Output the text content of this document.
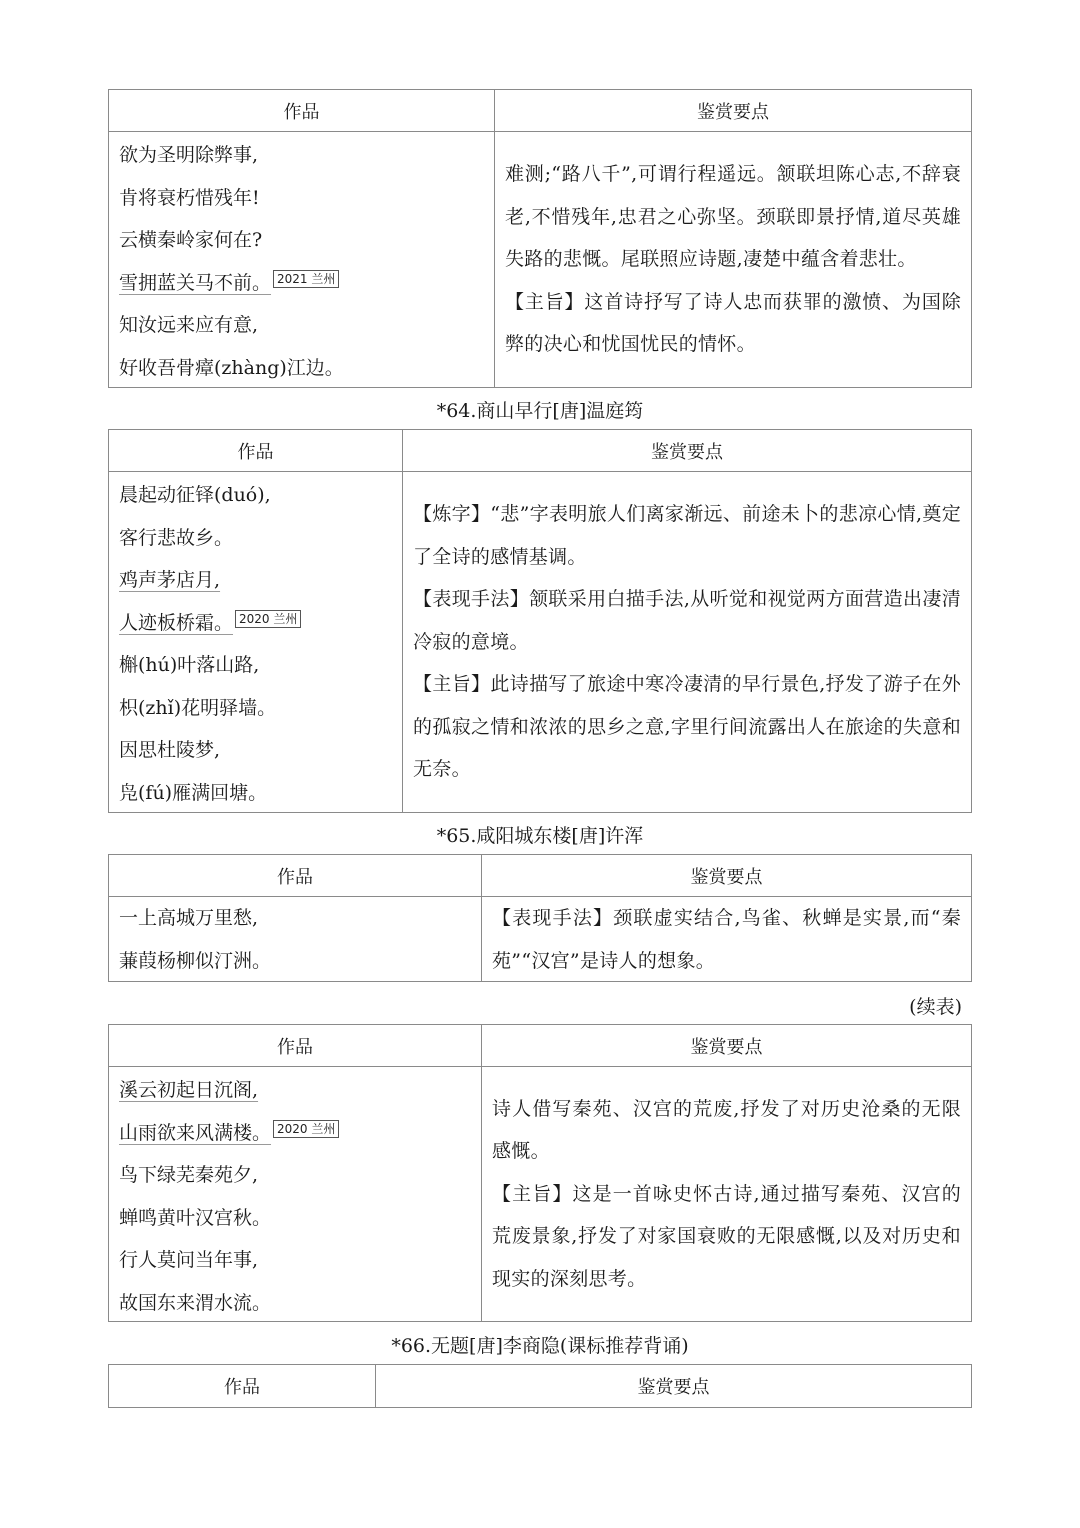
作品	鉴赏要点
欲为圣明除弊事,
肯将衰朽惜残年!
云横秦岭家何在?
雪拥蓝关马不前。 2021 兰州
知汝远来应有意,
好收吾骨瘴(zhàng)江边。
难测;“路八千”,可谓行程遥远。颔联坦陈心志,不辞衰老,不惜残年,忠君之心弥坚。颈联即景抒情,道尽英雄失路的悲慨。尾联照应诗题,凄楚中蕴含着悲壮。
【主旨】这首诗抒写了诗人忠而获罪的激愤、为国除弊的决心和忧国忧民的情怀。
*64.商山早行[唐]温庭筠
作品	鉴赏要点
晨起动征铎(duó),
客行悲故乡。
鸡声茅店月,
人迹板桥霜。 2020 兰州
槲(hú)叶落山路,
枳(zhǐ)花明驿墙。
因思杜陵梦,
凫(fú)雁满回塘。
【炼字】“悲”字表明旅人们离家渐远、前途未卜的悲凉心情,奠定了全诗的感情基调。
【表现手法】颔联采用白描手法,从听觉和视觉两方面营造出凄清冷寂的意境。
【主旨】此诗描写了旅途中寒冷凄清的早行景色,抒发了游子在外的孤寂之情和浓浓的思乡之意,字里行间流露出人在旅途的失意和无奈。
*65.咸阳城东楼[唐]许浑
作品	鉴赏要点
一上高城万里愁,
蒹葭杨柳似汀洲。
【表现手法】颈联虚实结合,鸟雀、秋蝉是实景,而“秦苑”“汉宫”是诗人的想象。
(续表)
作品	鉴赏要点
溪云初起日沉阁,
山雨欲来风满楼。 2020 兰州
鸟下绿芜秦苑夕,
蝉鸣黄叶汉宫秋。
行人莫问当年事,
故国东来渭水流。
诗人借写秦苑、汉宫的荒废,抒发了对历史沧桑的无限感慨。
【主旨】这是一首咏史怀古诗,通过描写秦苑、汉宫的荒废景象,抒发了对家国衰败的无限感慨,以及对历史和现实的深刻思考。
*66.无题[唐]李商隐(课标推荐背诵)
作品	鉴赏要点
